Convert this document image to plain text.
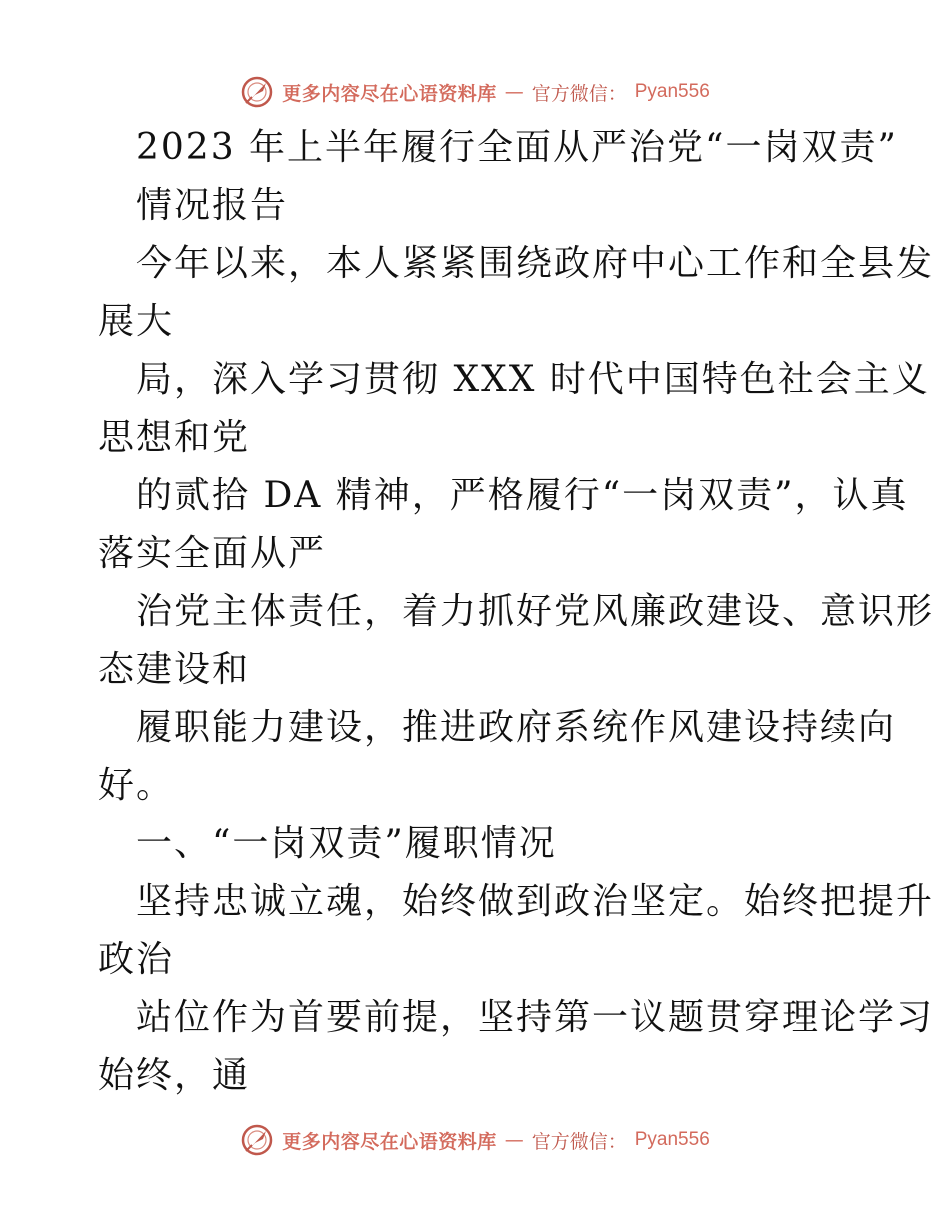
更多内容尽在心语资料库 — 官方微信： Pyan556
2023 年上半年履行全面从严治党“一岗双责”
情况报告
今年以来，本人紧紧围绕政府中心工作和全县发
展大
局，深入学习贯彻 XXX 时代中国特色社会主义
思想和党
的贰拾 DA 精神，严格履行“一岗双责”，认真
落实全面从严
治党主体责任，着力抓好党风廉政建设、意识形
态建设和
履职能力建设，推进政府系统作风建设持续向
好。
一、“一岗双责”履职情况
坚持忠诚立魂，始终做到政治坚定。始终把提升
政治
站位作为首要前提，坚持第一议题贯穿理论学习
始终，通
更多内容尽在心语资料库 — 官方微信： Pyan556
